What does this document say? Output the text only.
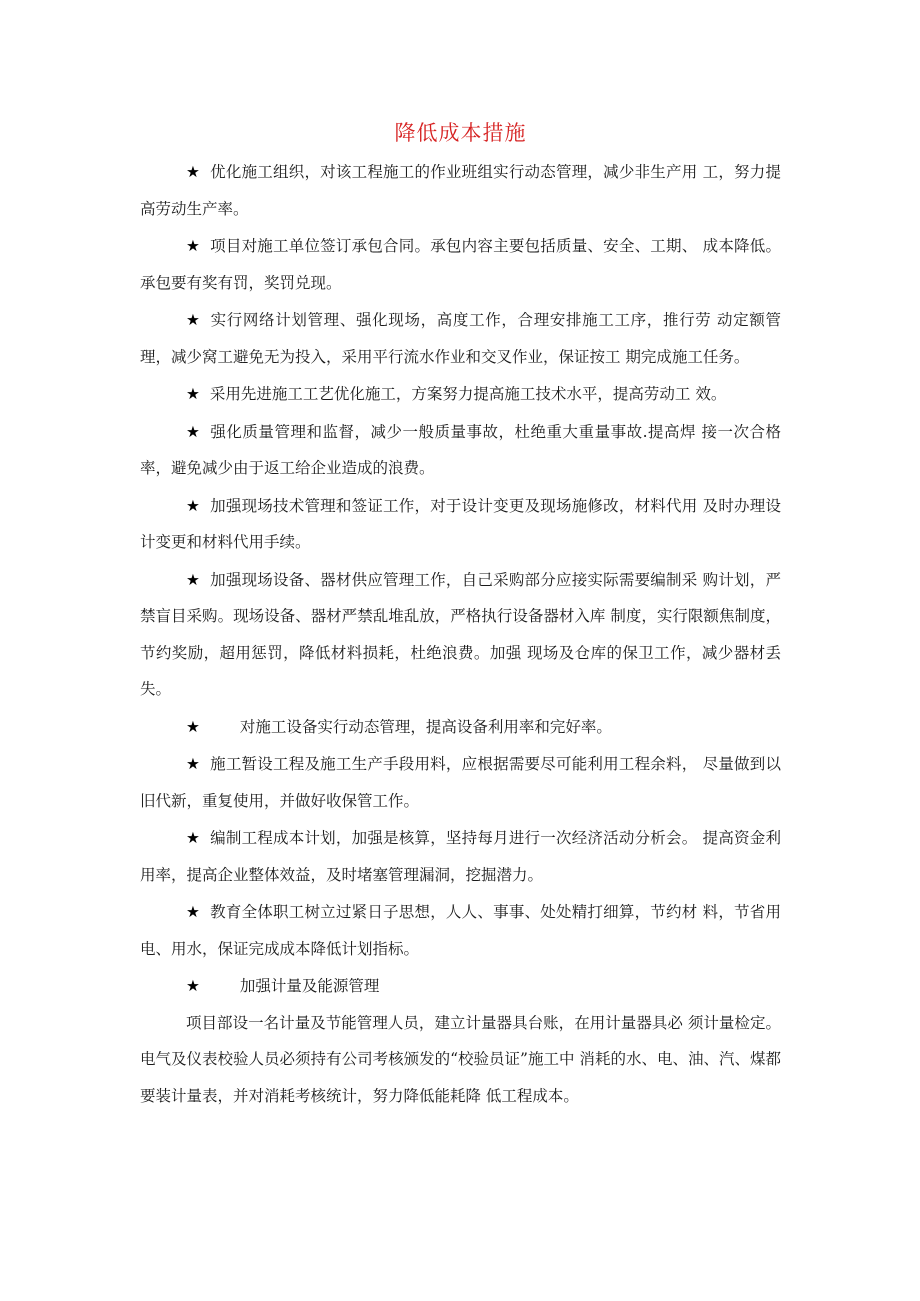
降低成本措施

★ 优化施工组织，对该工程施工的作业班组实行动态管理，减少非生产用 工，努力提高劳动生产率。

★ 项目对施工单位签订承包合同。承包内容主要包括质量、安全、工期、 成本降低。承包要有奖有罚，奖罚兑现。

★ 实行网络计划管理、强化现场，高度工作，合理安排施工工序，推行劳 动定额管理，减少窝工避免无为投入，采用平行流水作业和交叉作业，保证按工 期完成施工任务。

★ 采用先进施工工艺优化施工，方案努力提高施工技术水平，提高劳动工 效。

★ 强化质量管理和监督，减少一般质量事故，杜绝重大重量事故.提高焊 接一次合格率，避免减少由于返工给企业造成的浪费。

★ 加强现场技术管理和签证工作，对于设计变更及现场施修改，材料代用 及时办理设计变更和材料代用手续。

★ 加强现场设备、器材供应管理工作，自己采购部分应接实际需要编制采 购计划，严禁盲目采购。现场设备、器材严禁乱堆乱放，严格执行设备器材入库 制度，实行限额焦制度，节约奖励，超用惩罚，降低材料损耗，杜绝浪费。加强 现场及仓库的保卫工作，减少器材丢失。

★	对施工设备实行动态管理，提高设备利用率和完好率。

★ 施工暂设工程及施工生产手段用料，应根据需要尽可能利用工程余料， 尽量做到以旧代新，重复使用，并做好收保管工作。

★ 编制工程成本计划，加强是核算，坚持每月进行一次经济活动分析会。 提高资金利用率，提高企业整体效益，及时堵塞管理漏洞，挖掘潜力。

★ 教育全体职工树立过紧日子思想，人人、事事、处处精打细算，节约材 料，节省用电、用水，保证完成成本降低计划指标。

★	加强计量及能源管理

项目部设一名计量及节能管理人员，建立计量器具台账，在用计量器具必 须计量检定。电气及仪表校验人员必须持有公司考核颁发的“校验员证”施工中 消耗的水、电、油、汽、煤都要装计量表，并对消耗考核统计，努力降低能耗降 低工程成本。
